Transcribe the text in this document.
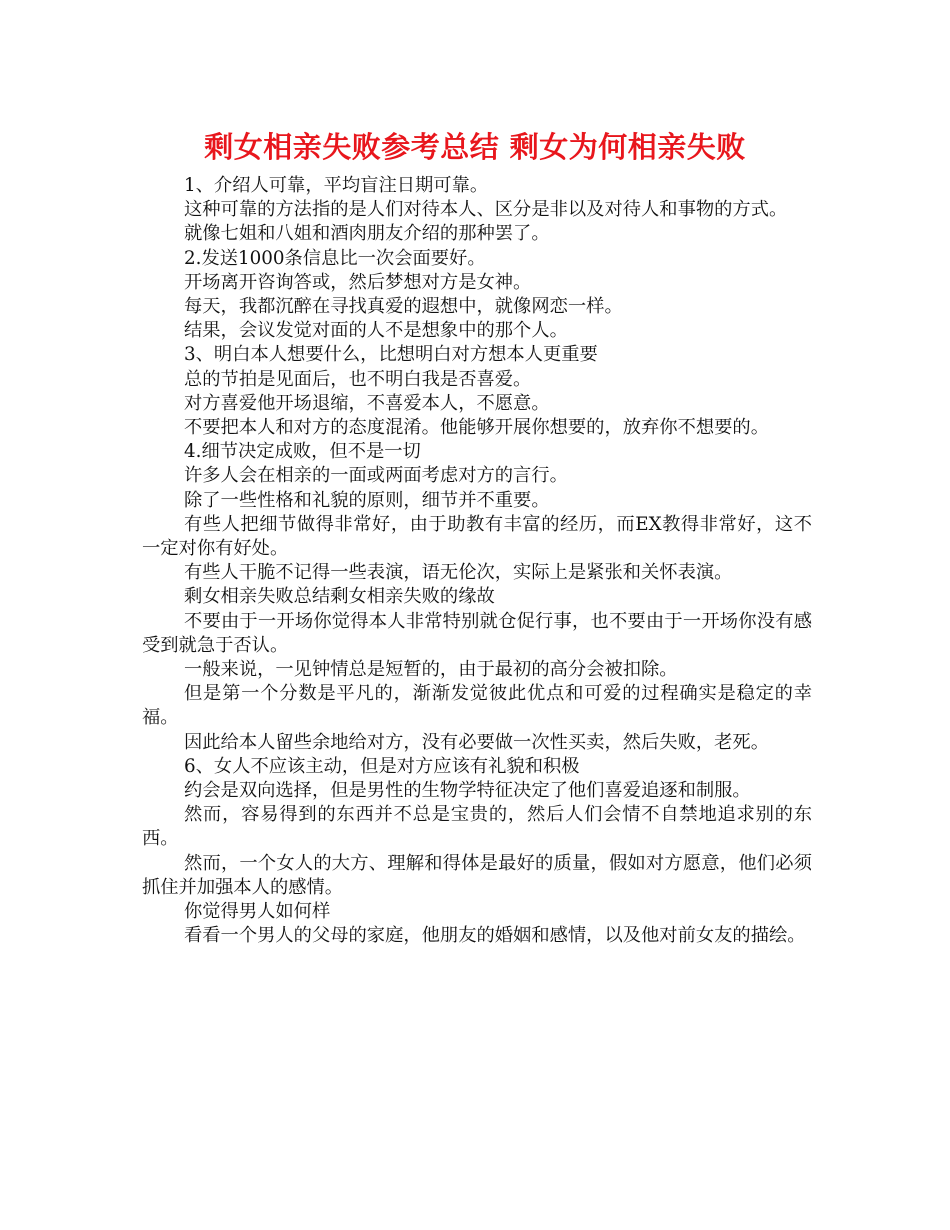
剩女相亲失败参考总结 剩女为何相亲失败

1、介绍人可靠，平均盲注日期可靠。

这种可靠的方法指的是人们对待本人、区分是非以及对待人和事物的方式。

就像七姐和八姐和酒肉朋友介绍的那种罢了。

2.发送1000条信息比一次会面要好。

开场离开咨询答或，然后梦想对方是女神。

每天，我都沉醉在寻找真爱的遐想中，就像网恋一样。

结果，会议发觉对面的人不是想象中的那个人。

3、明白本人想要什么，比想明白对方想本人更重要

总的节拍是见面后，也不明白我是否喜爱。

对方喜爱他开场退缩，不喜爱本人，不愿意。

不要把本人和对方的态度混淆。他能够开展你想要的，放弃你不想要的。

4.细节决定成败，但不是一切

许多人会在相亲的一面或两面考虑对方的言行。

除了一些性格和礼貌的原则，细节并不重要。

有些人把细节做得非常好，由于助教有丰富的经历，而EX教得非常好，这不一定对你有好处。

有些人干脆不记得一些表演，语无伦次，实际上是紧张和关怀表演。

剩女相亲失败总结剩女相亲失败的缘故

不要由于一开场你觉得本人非常特别就仓促行事，也不要由于一开场你没有感受到就急于否认。

一般来说，一见钟情总是短暂的，由于最初的高分会被扣除。

但是第一个分数是平凡的，渐渐发觉彼此优点和可爱的过程确实是稳定的幸福。

因此给本人留些余地给对方，没有必要做一次性买卖，然后失败，老死。

6、女人不应该主动，但是对方应该有礼貌和积极

约会是双向选择，但是男性的生物学特征决定了他们喜爱追逐和制服。

然而，容易得到的东西并不总是宝贵的，然后人们会情不自禁地追求别的东西。

然而，一个女人的大方、理解和得体是最好的质量，假如对方愿意，他们必须抓住并加强本人的感情。

你觉得男人如何样

看看一个男人的父母的家庭，他朋友的婚姻和感情，以及他对前女友的描绘。
